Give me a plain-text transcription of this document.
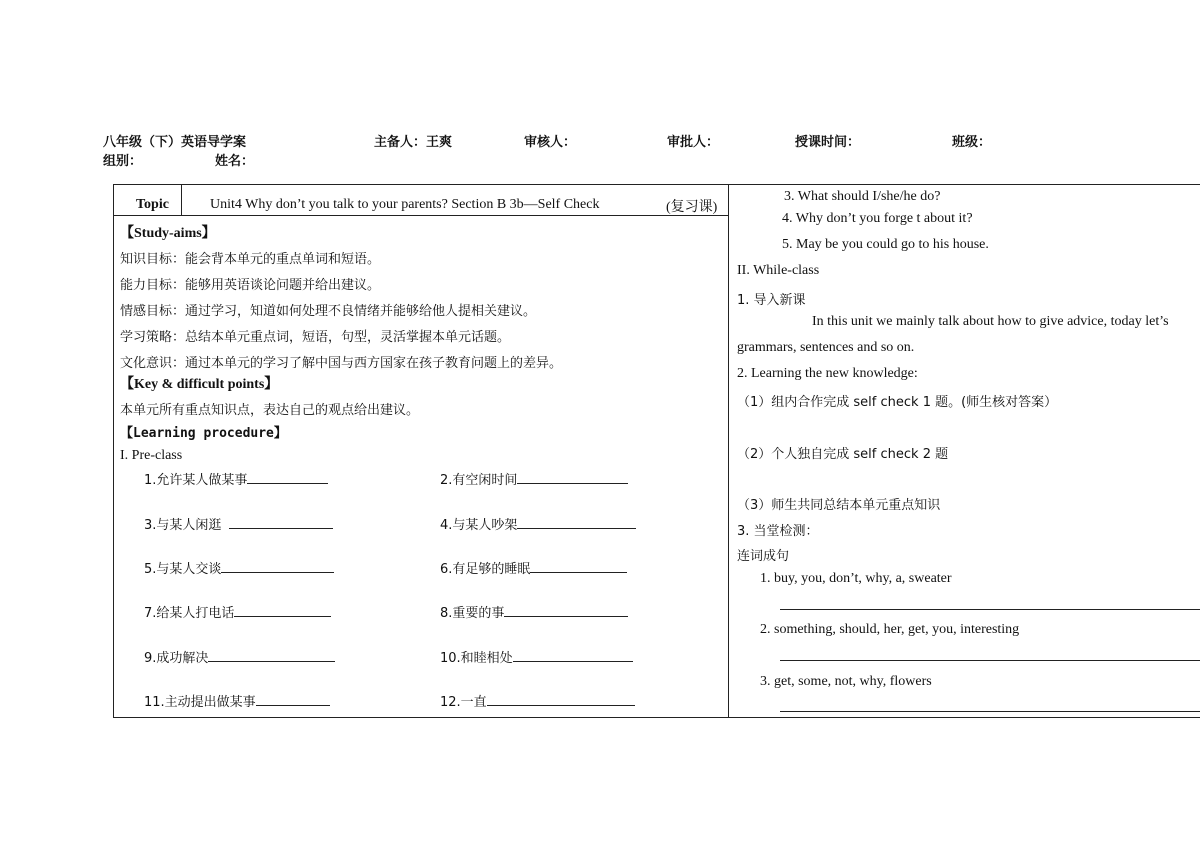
八年级（下）英语导学案	主备人：王爽	审核人：	审批人：	授课时间：	班级：
组别：	姓名：
Topic	Unit4 Why don’t you talk to your parents? Section B 3b—Self Check	(复习课)
【Study-aims】
知识目标：能会背本单元的重点单词和短语。
能力目标：能够用英语谈论问题并给出建议。
情感目标：通过学习，知道如何处理不良情绪并能够给他人提相关建议。
学习策略：总结本单元重点词，短语，句型，灵活掌握本单元话题。
文化意识：通过本单元的学习了解中国与西方国家在孩子教育问题上的差异。
【Key & difficult points】
本单元所有重点知识点，表达自己的观点给出建议。
【Learning procedure】
I. Pre-class
1.允许某人做某事	2.有空闲时间
3.与某人闲逛	4.与某人吵架
5.与某人交谈	6.有足够的睡眠
7.给某人打电话	8.重要的事
9.成功解决	10.和睦相处
11.主动提出做某事	12.一直
3. What should I/she/he do?
4. Why don’t you forge t about it?
5. May be you could go to his house.
II. While-class
1. 导入新课
In this unit we mainly talk about how to give advice, today let’s
grammars, sentences and so on.
2. Learning the new knowledge:
（1）组内合作完成 self check 1 题。(师生核对答案）
（2）个人独自完成 self check 2 题
（3）师生共同总结本单元重点知识
3. 当堂检测：
连词成句
1. buy, you, don’t, why, a, sweater
2. something, should, her, get, you, interesting
3. get, some, not, why, flowers
